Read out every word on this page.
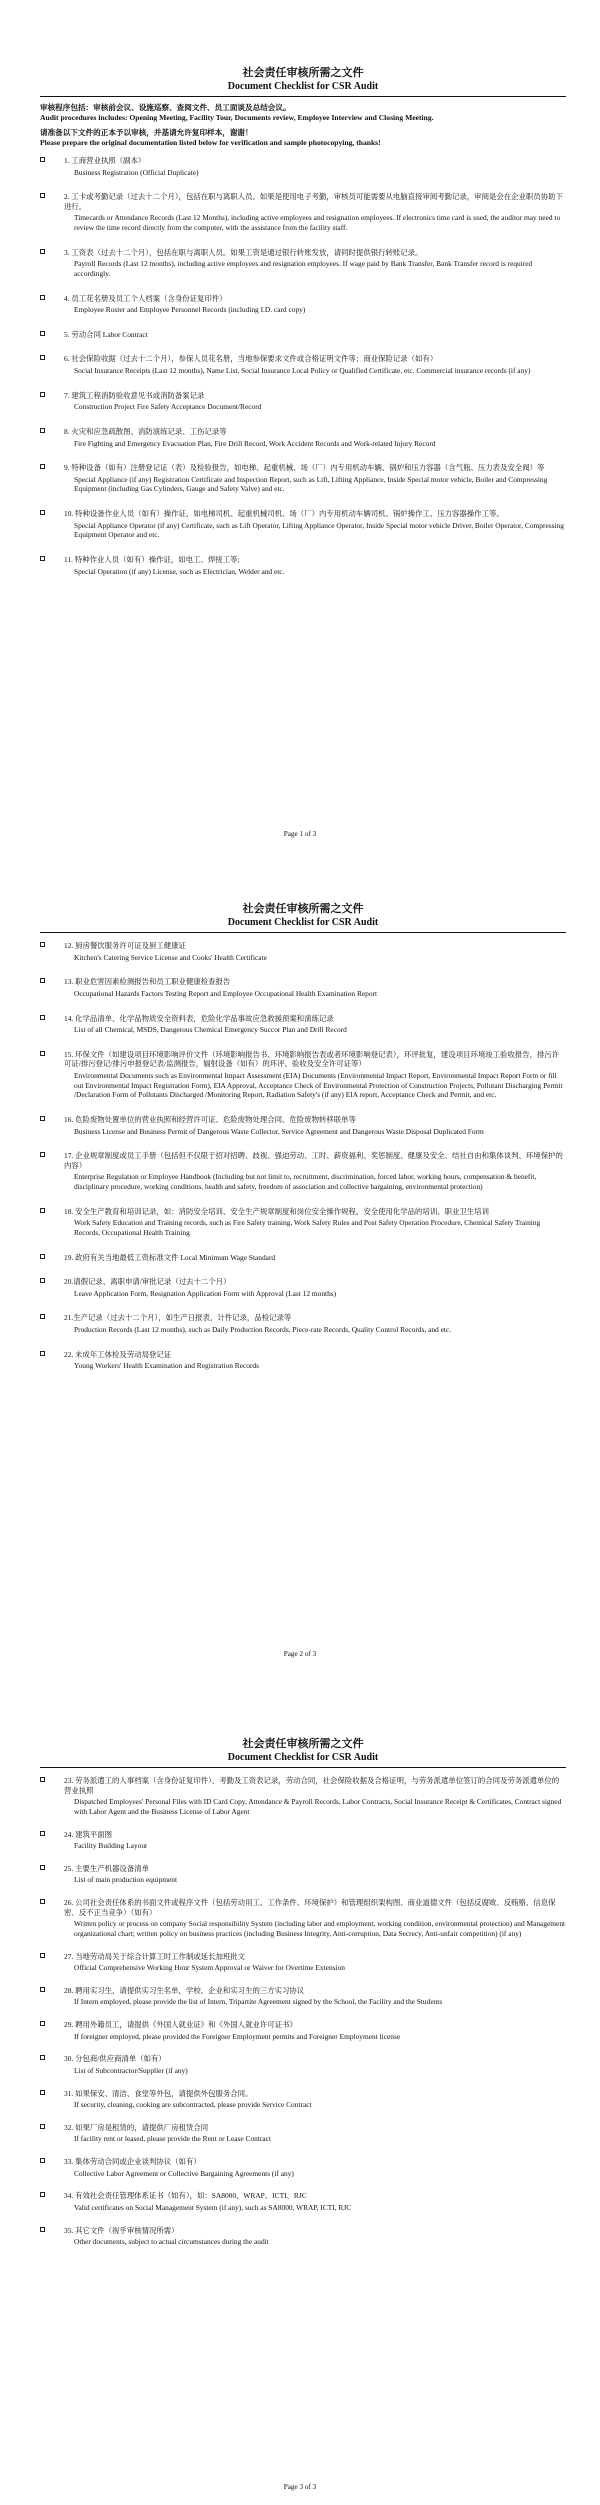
社会责任审核所需之文件
Document Checklist for CSR Audit

审核程序包括：审核前会议、设施巡察、查阅文件、员工面谈及总结会议。

Audit procedures includes: Opening Meeting, Facility Tour, Documents review, Employee Interview and Closing Meeting.

请准备以下文件的正本予以审核，并基请允许复印样本，谢谢！

Please prepare the original documentation listed below for verification and sample photocopying, thanks!

1. 工商营业执照（副本）

Business Registration (Official Duplicate)

2. 工卡或考勤记录（过去十二个月），包括在职与离职人员。如果是使用电子考勤，审核员可能需要从电脑直接审阅考勤记录，审阅是会在企业职员协助下进行。

Timecards or Attendance Records (Last 12 Months), including active employees and resignation employees. If electronics time card is used, the auditor may need to review the time record directly from the computer, with the assistance from the facility staff.

3. 工资表（过去十二个月），包括在职与离职人员。如果工资是通过银行转账发放，请同时提供银行转账记录。

Payroll Records (Last 12 months), including active employees and resignation employees. If wage paid by Bank Transfer, Bank Transfer record is required accordingly.

4. 员工花名册及员工个人档案（含身份证复印件）

Employee Roster and Employee Personnel Records (including I.D. card copy)

5. 劳动合同 Labor Contract

6. 社会保险收据（过去十二个月），参保人员花名册，当地参保要求文件或合格证明文件等；商业保险记录（如有）

Social Insurance Receipts (Last 12 months), Name List, Social Insurance Local Policy or Qualified Certificate, etc. Commercial insurance records (if any)

7. 建筑工程消防验收意见书或消防备案记录

Construction Project Fire Safety Acceptance Document/Record

8. 火灾和应急疏散图、消防演练记录、工伤记录等

Fire Fighting and Emergency Evacuation Plan, Fire Drill Record, Work Accident Records and Work-related Injury Record

9. 特种设备（如有）注册登记证（表）及检验报告，如电梯、起重机械、场（厂）内专用机动车辆、锅炉和压力容器（含气瓶、压力表及安全阀）等

Special Appliance (if any) Registration Certificate and Inspection Report, such as Lift, Lifting Appliance, Inside Special motor vehicle, Boiler and Compressing Equipment (including Gas Cylinders, Gauge and Safety Valve) and etc.

10. 特种设备作业人员（如有）操作证，如电梯司机、起重机械司机、场（厂）内专用机动车辆司机、锅炉操作工、压力容器操作工等。

Special Appliance Operator (if any) Certificate, such as Lift Operator, Lifting Appliance Operator, Inside Special motor vehicle Driver, Boiler Operator, Compressing Equipment Operator and etc.

11. 特种作业人员（如有）操作证，如电工、焊接工等;

Special Operation (if any) License, such as Electrician, Welder and etc.

Page 1 of 3
社会责任审核所需之文件
Document Checklist for CSR Audit

12. 厨房餐饮服务许可证及厨工健康证

Kitchen's Catering Service License and Cooks' Health Certificate

13. 职业危害因素检测报告和员工职业健康检查报告

Occupational Hazards Factors Testing Report and Employee Occupational Health Examination Report

14. 化学品清单、化学品物质安全资料表，危险化学品事故应急救援预案和演练记录

List of all Chemical, MSDS, Dangerous Chemical Emergency Succor Plan and Drill Record

15. 环保文件（如建设项目环境影响评价文件（环境影响报告书、环境影响报告表或者环境影响登记表），环评批复，建设项目环境竣工验收报告，排污许可证/排污登记/排污申报登记表/监测报告，辐射设备（如有）的环评、验收及安全许可证等）

Environmental Documents such as Environmental Impact Assessment (EIA) Documents (Environmental Impact Report, Environmental Impact Report Form or fill out Environmental Impact Registration Form), EIA Approval, Acceptance Check of Environmental Protection of Construction Projects, Pollutant Discharging Permit /Declaration Form of Pollutants Discharged /Monitoring Report, Radiation Safety's (if any) EIA report, Acceptance Check and Permit, and etc.

16. 危险废物处置单位的营业执照和经营许可证、危险废物处理合同、危险废物转移联单等

Business License and Business Permit of Dangerous Waste Collector, Service Agreement and Dangerous Waste Disposal Duplicated Form

17. 企业规章制度或员工手册（包括但不仅限于招对招聘、歧视、强迫劳动、工时、薪资福利、奖惩制度、健康及安全、结社自由和集体谈判、环境保护的内容）

Enterprise Regulation or Employee Handbook (Including but not limit to, recruitment, discrimination, forced labor, working hours, compensation & benefit, disciplinary procedure, working conditions, health and safety, freedom of association and collective bargaining, environmental protection)

18. 安全生产教育和培训记录，如：消防安全培训、安全生产规章制度和岗位安全操作规程、安全使用化学品的培训、职业卫生培训

Work Safety Education and Training records, such as Fire Safety training, Work Safety Rules and Post Safety Operation Procedure, Chemical Safety Training Records, Occupational Health Training

19. 政府有关当地最低工资标准文件 Local Minimum Wage Standard

20.请假记录、离职申请/审批记录（过去十二个月）

Leave Application Form, Resignation Application Form with Approval (Last 12 months)

21.生产记录（过去十二个月），如生产日报表，计件记录，品检记录等

Production Records (Last 12 months), such as Daily Production Records, Piece-rate Records, Quality Control Records, and etc.

22. 未成年工体检及劳动局登记证

Young Workers' Health Examination and Registration Records

Page 2 of 3
社会责任审核所需之文件
Document Checklist for CSR Audit

23. 劳务派遣工的人事档案（含身份证复印件）、考勤及工资表记录，劳动合同，社会保险收据及合格证明，与劳务派遣单位签订的合同及劳务派遣单位的营业执照

Dispatched Employees' Personal Files with ID Card Copy, Attendance & Payroll Records, Labor Contracts, Social Insurance Receipt & Certificates, Contract signed with Labor Agent and the Business License of Labor Agent

24. 建筑平面图

Facility Building Layout

25. 主要生产机器设备清单

List of main production equipment

26. 公司社会责任体系的书面文件或程序文件（包括劳动用工、工作条件、环境保护）和管理组织架构图、商业道德文件（包括反腐败、反贿赂、信息保密、反不正当竞争）（如有）

Written policy or process on company Social responsibility System (including labor and employment, working condition, environmental protection) and Management organizational chart; written policy on business practices (including Business Integrity, Anti-corruption, Data Secrecy, Anti-unfair competition) (if any)

27. 当地劳动局关于综合计算工时工作制或延长加班批文

Official Comprehensive Working Hour System Approval or Waiver for Overtime Extension

28. 聘用实习生，请提供实习生名单，学校、企业和实习生的三方实习协议

If Intern employed, please provide the list of Intern, Tripartite Agreement signed by the School, the Facility and the Students

29. 聘用外籍员工，请提供《外国人就业证》和《外国人就业许可证书》

If foreigner employed, please provided the Foreigner Employment permits and Foreigner Employment license

30. 分包商/供应商清单（如有）

List of Subcontractor/Supplier (if any)

31. 如果保安、清洁、食堂等外包，请提供外包服务合同。

If security, cleaning, cooking are subcontracted, please provide Service Contract

32. 如果厂房是租赁的，请提供厂房租赁合同

If facility rent or leased, please provide the Rent or Lease Contract

33. 集体劳动合同或企业谈判协议（如有）

Collective Labor Agreement or Collective Bargaining Agreements (if any)

34. 有效社会责任管理体系证书（如有），如：SA8000、WRAP、ICTI、RJC

Valid certificates on Social Management System (if any), such as SA8000, WRAP, ICTI, RJC

35. 其它文件（视乎审核情况所需）

Other documents, subject to actual circumstances during the audit

Page 3 of 3
